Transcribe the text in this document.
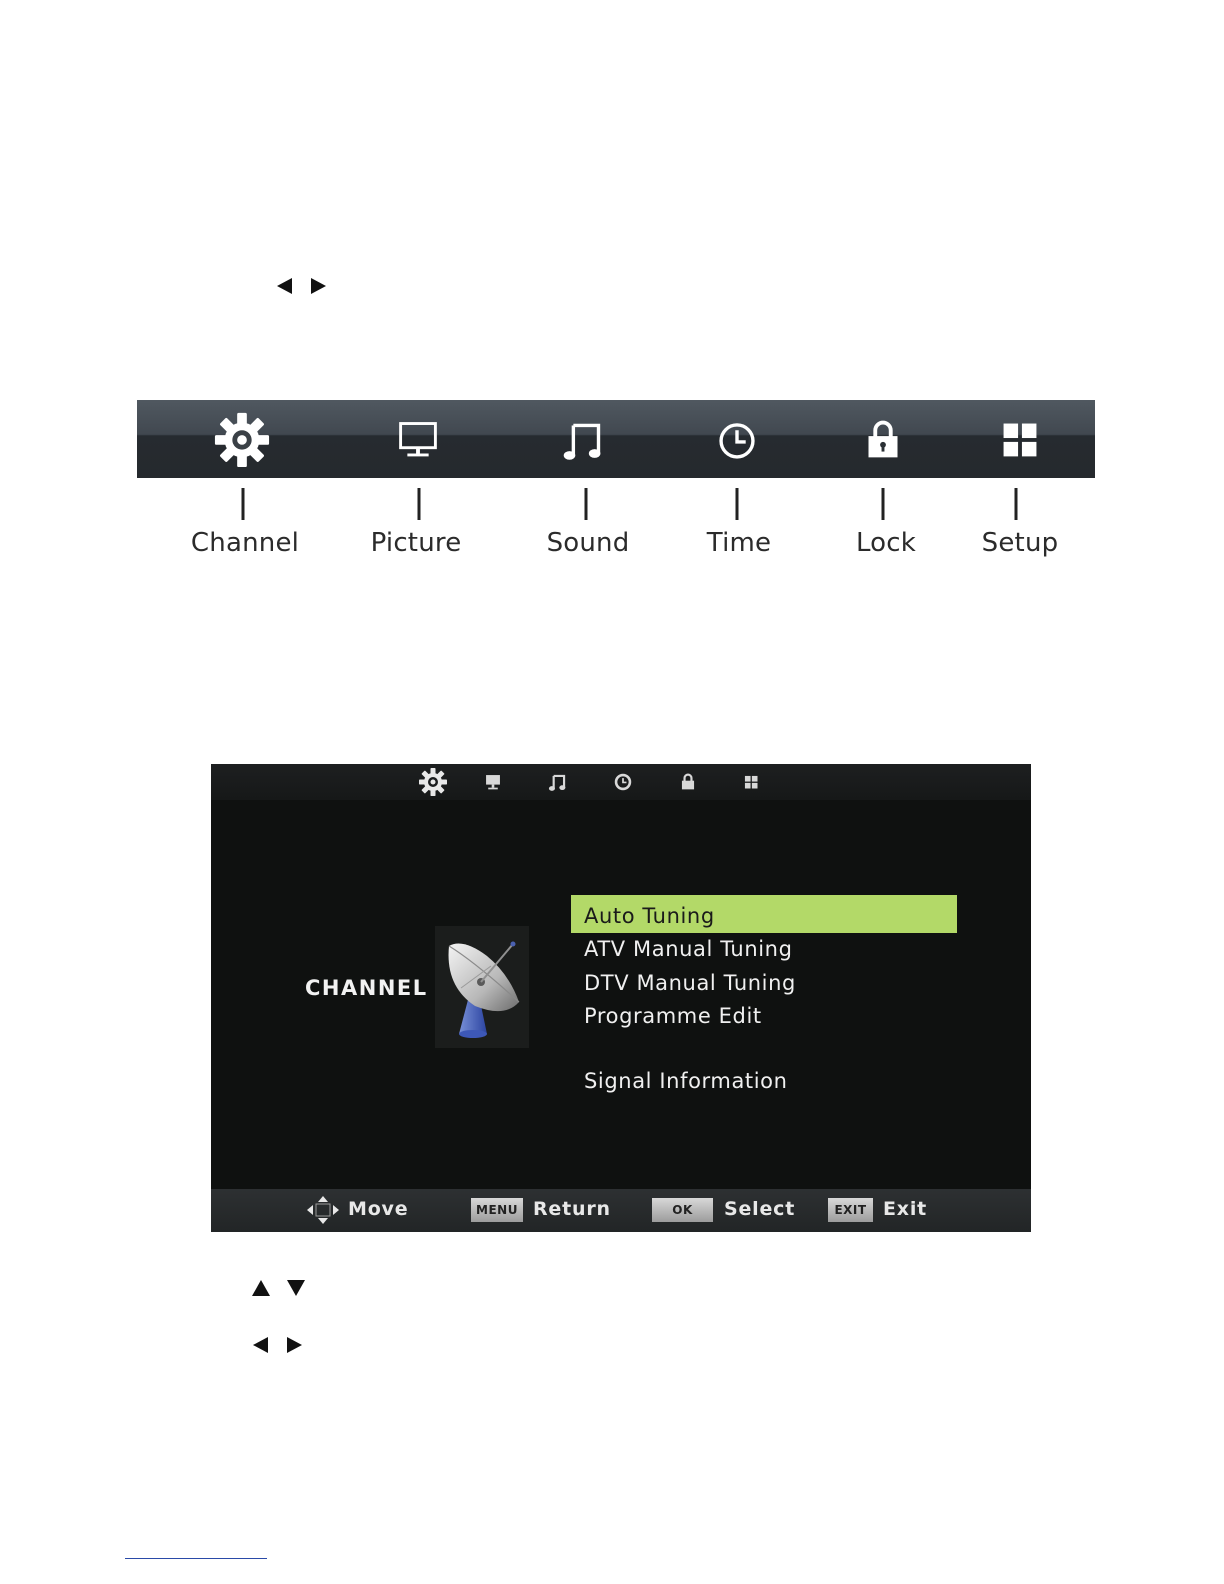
Channel	Picture	Sound	Time	Lock	Setup
CHANNEL
Auto Tuning
ATV Manual Tuning
DTV Manual Tuning
Programme Edit
Signal Information
Move	MENU Return	OK	Select	EXIT Exit
